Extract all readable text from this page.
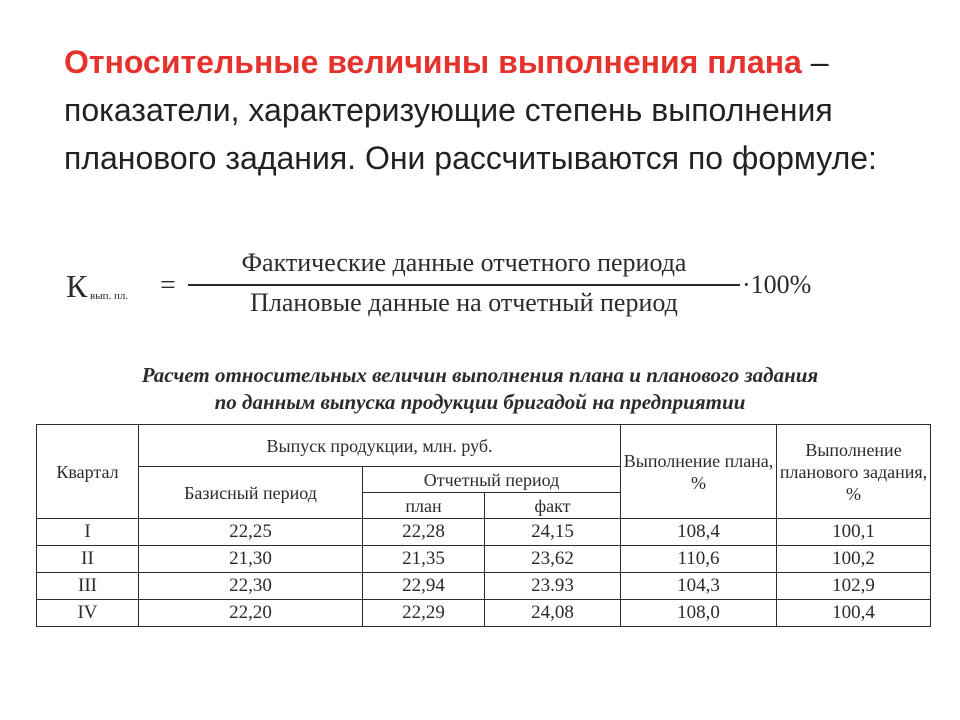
Относительные величины выполнения плана – показатели, характеризующие степень выполнения планового задания. Они рассчитываются по формуле:
К вып. пл. =
Фактические данные отчетного периода
Плановые данные на отчетный период
·100%
Расчет относительных величин выполнения плана и планового задания
по данным выпуска продукции бригадой на предприятии
Квартал	Выпуск продукции, млн. руб.			Выполнение плана, %	Выполнение планового задания, %
	Базисный период	Отчетный период			
		план	факт		
I	22,25	22,28	24,15	108,4	100,1
II	21,30	21,35	23,62	110,6	100,2
III	22,30	22,94	23.93	104,3	102,9
IV	22,20	22,29	24,08	108,0	100,4
